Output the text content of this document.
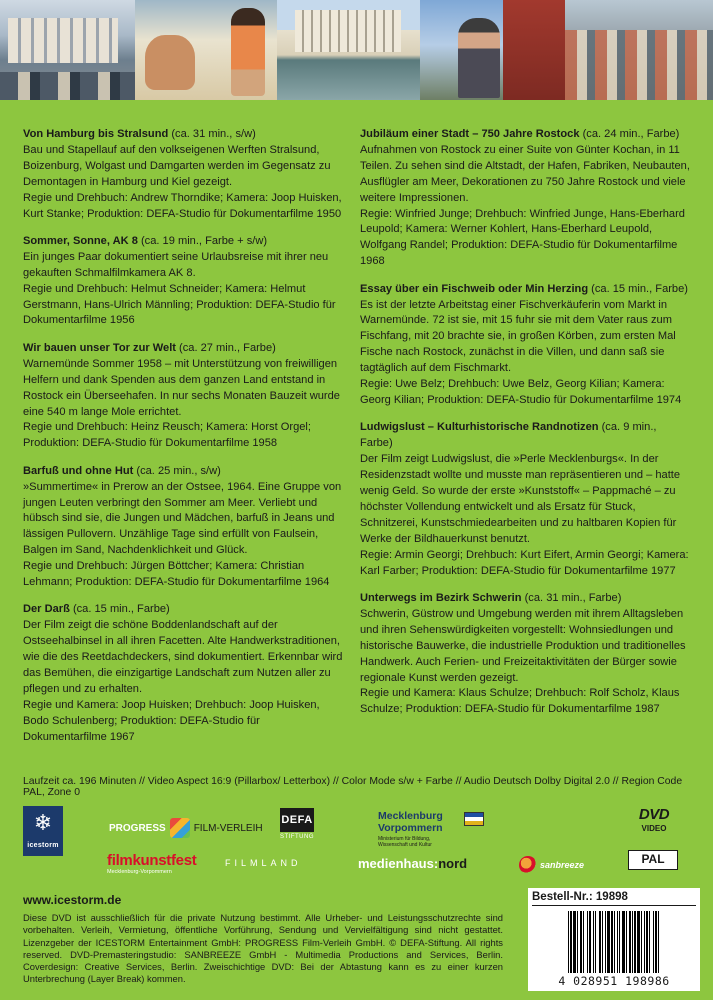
Von Hamburg bis Stralsund (ca. 31 min., s/w)

Bau und Stapellauf auf den volkseigenen Werften Stralsund, Boizenburg, Wolgast und Damgarten werden im Gegensatz zu Demontagen in Hamburg und Kiel gezeigt.

Regie und Drehbuch: Andrew Thorndike; Kamera: Joop Huisken, Kurt Stanke; Produktion: DEFA-Studio für Dokumentarfilme 1950

Sommer, Sonne, AK 8 (ca. 19 min., Farbe + s/w)

Ein junges Paar dokumentiert seine Urlaubsreise mit ihrer neu gekauften Schmalfilmkamera AK 8.

Regie und Drehbuch: Helmut Schneider; Kamera: Helmut Gerstmann, Hans-Ulrich Männling; Produktion: DEFA-Studio für Dokumentarfilme 1956

Wir bauen unser Tor zur Welt (ca. 27 min., Farbe)

Warnemünde Sommer 1958 – mit Unterstützung von freiwilligen Helfern und dank Spenden aus dem ganzen Land entstand in Rostock ein Überseehafen. In nur sechs Monaten Bauzeit wurde eine 540 m lange Mole errichtet.

Regie und Drehbuch: Heinz Reusch; Kamera: Horst Orgel; Produktion: DEFA-Studio für Dokumentarfilme 1958

Barfuß und ohne Hut (ca. 25 min., s/w)

»Summertime« in Prerow an der Ostsee, 1964. Eine Gruppe von jungen Leuten verbringt den Sommer am Meer. Verliebt und hübsch sind sie, die Jungen und Mädchen, barfuß in Jeans und lässigen Pullovern. Unzählige Tage sind erfüllt von Faulsein, Balgen im Sand, Nachdenklichkeit und Glück.

Regie und Drehbuch: Jürgen Böttcher; Kamera: Christian Lehmann; Produktion: DEFA-Studio für Dokumentarfilme 1964

Der Darß (ca. 15 min., Farbe)

Der Film zeigt die schöne Boddenlandschaft auf der Ostseehalbinsel in all ihren Facetten. Alte Handwerkstraditionen, wie die des Reetdachdeckers, sind dokumentiert. Erkennbar wird das Bemühen, die einzigartige Landschaft zum Nutzen aller zu pflegen und zu erhalten.

Regie und Kamera: Joop Huisken; Drehbuch: Joop Huisken, Bodo Schulenberg; Produktion: DEFA-Studio für Dokumentarfilme 1967

Jubiläum einer Stadt – 750 Jahre Rostock (ca. 24 min., Farbe)

Aufnahmen von Rostock zu einer Suite von Günter Kochan, in 11 Teilen. Zu sehen sind die Altstadt, der Hafen, Fabriken, Neubauten, Ausflügler am Meer, Dekorationen zu 750 Jahre Rostock und viele weitere Impressionen.

Regie: Winfried Junge; Drehbuch: Winfried Junge, Hans-Eberhard Leupold; Kamera: Werner Kohlert, Hans-Eberhard Leupold, Wolfgang Randel; Produktion: DEFA-Studio für Dokumentarfilme 1968

Essay über ein Fischweib oder Min Herzing (ca. 15 min., Farbe)

Es ist der letzte Arbeitstag einer Fischverkäuferin vom Markt in Warnemünde. 72 ist sie, mit 15 fuhr sie mit dem Vater raus zum Fischfang, mit 20 brachte sie, in großen Körben, zum ersten Mal Fische nach Rostock, zunächst in die Villen, und dann saß sie tagtäglich auf dem Fischmarkt.

Regie: Uwe Belz; Drehbuch: Uwe Belz, Georg Kilian; Kamera: Georg Kilian; Produktion: DEFA-Studio für Dokumentarfilme 1974

Ludwigslust – Kulturhistorische Randnotizen (ca. 9 min., Farbe)

Der Film zeigt Ludwigslust, die »Perle Mecklenburgs«. In der Residenzstadt wollte und musste man repräsentieren und – hatte wenig Geld. So wurde der erste »Kunststoff« – Pappmaché – zu höchster Vollendung entwickelt und als Ersatz für Stuck, Schnitzerei, Kunstschmiedearbeiten und zu haltbaren Kopien für Werke der Bildhauerkunst benutzt.

Regie: Armin Georgi; Drehbuch: Kurt Eifert, Armin Georgi; Kamera: Karl Farber; Produktion: DEFA-Studio für Dokumentarfilme 1977

Unterwegs im Bezirk Schwerin (ca. 31 min., Farbe)

Schwerin, Güstrow und Umgebung werden mit ihrem Alltagsleben und ihren Sehenswürdigkeiten vorgestellt: Wohnsiedlungen und historische Bauwerke, die industrielle Produktion und traditionelles Handwerk. Auch Ferien- und Freizeitaktivitäten der Bürger sowie regionale Kunst werden gezeigt.

Regie und Kamera: Klaus Schulze; Drehbuch: Rolf Scholz, Klaus Schulze; Produktion: DEFA-Studio für Dokumentarfilme 1987

Laufzeit ca. 196 Minuten // Video Aspect 16:9 (Pillarbox/ Letterbox) // Color Mode s/w + Farbe // Audio Deutsch Dolby Digital 2.0 // Region Code PAL, Zone 0
❄
icestorm
PROGRESS	FILM-VERLEIH
DEFA
STIFTUNG
Mecklenburg Vorpommern
Ministerium für Bildung, Wissenschaft und Kultur
DVD
VIDEO
PAL
filmkunstfest
Mecklenburg-Vorpommern
FILMLAND	medienhaus:nord	sanbreeze
www.icestorm.de
Diese DVD ist ausschließlich für die private Nutzung bestimmt. Alle Urheber- und Leistungsschutzrechte sind vorbehalten. Verleih, Vermietung, öffentliche Vorführung, Sendung und Vervielfältigung sind nicht gestattet. Lizenzgeber der ICESTORM Entertainment GmbH: PROGRESS Film-Verleih GmbH. © DEFA-Stiftung. All rights reserved. DVD-Premasteringstudio: SANBREEZE GmbH - Multimedia Productions and Services, Berlin. Coverdesign: Creative Services, Berlin. Zweischichtige DVD: Bei der Abtastung kann es zu einer kurzen Unterbrechung (Layer Break) kommen.
Bestell-Nr.: 19898
4 028951 198986
